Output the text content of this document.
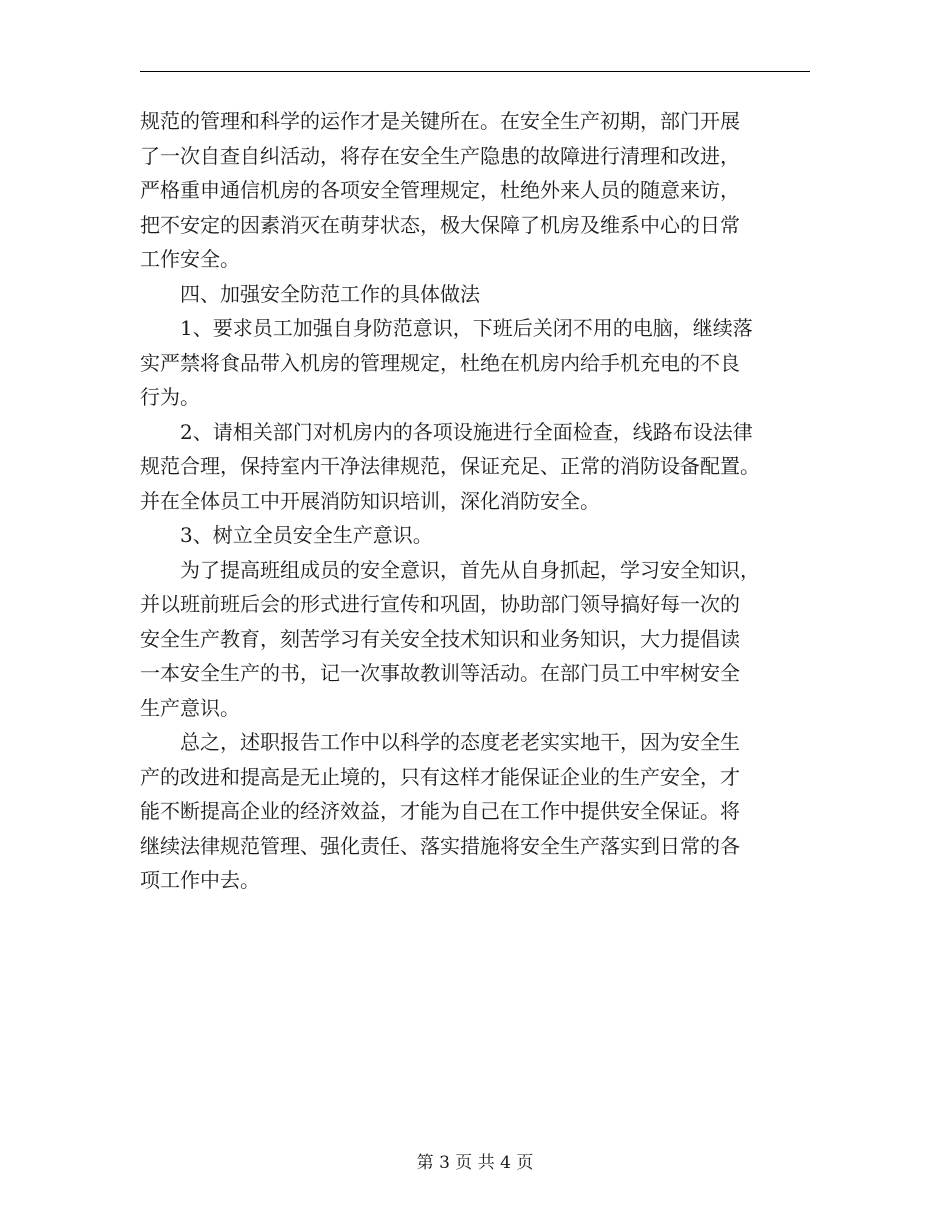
规范的管理和科学的运作才是关键所在。在安全生产初期，部门开展
了一次自查自纠活动，将存在安全生产隐患的故障进行清理和改进，
严格重申通信机房的各项安全管理规定，杜绝外来人员的随意来访，
把不安定的因素消灭在萌芽状态，极大保障了机房及维系中心的日常
工作安全。
　　四、加强安全防范工作的具体做法
　　1、要求员工加强自身防范意识，下班后关闭不用的电脑，继续落
实严禁将食品带入机房的管理规定，杜绝在机房内给手机充电的不良
行为。
　　2、请相关部门对机房内的各项设施进行全面检查，线路布设法律
规范合理，保持室内干净法律规范，保证充足、正常的消防设备配置。
并在全体员工中开展消防知识培训，深化消防安全。
　　3、树立全员安全生产意识。
　　为了提高班组成员的安全意识，首先从自身抓起，学习安全知识，
并以班前班后会的形式进行宣传和巩固，协助部门领导搞好每一次的
安全生产教育，刻苦学习有关安全技术知识和业务知识，大力提倡读
一本安全生产的书，记一次事故教训等活动。在部门员工中牢树安全
生产意识。
　　总之，述职报告工作中以科学的态度老老实实地干，因为安全生
产的改进和提高是无止境的，只有这样才能保证企业的生产安全，才
能不断提高企业的经济效益，才能为自己在工作中提供安全保证。将
继续法律规范管理、强化责任、落实措施将安全生产落实到日常的各
项工作中去。
第 3 页 共 4 页
